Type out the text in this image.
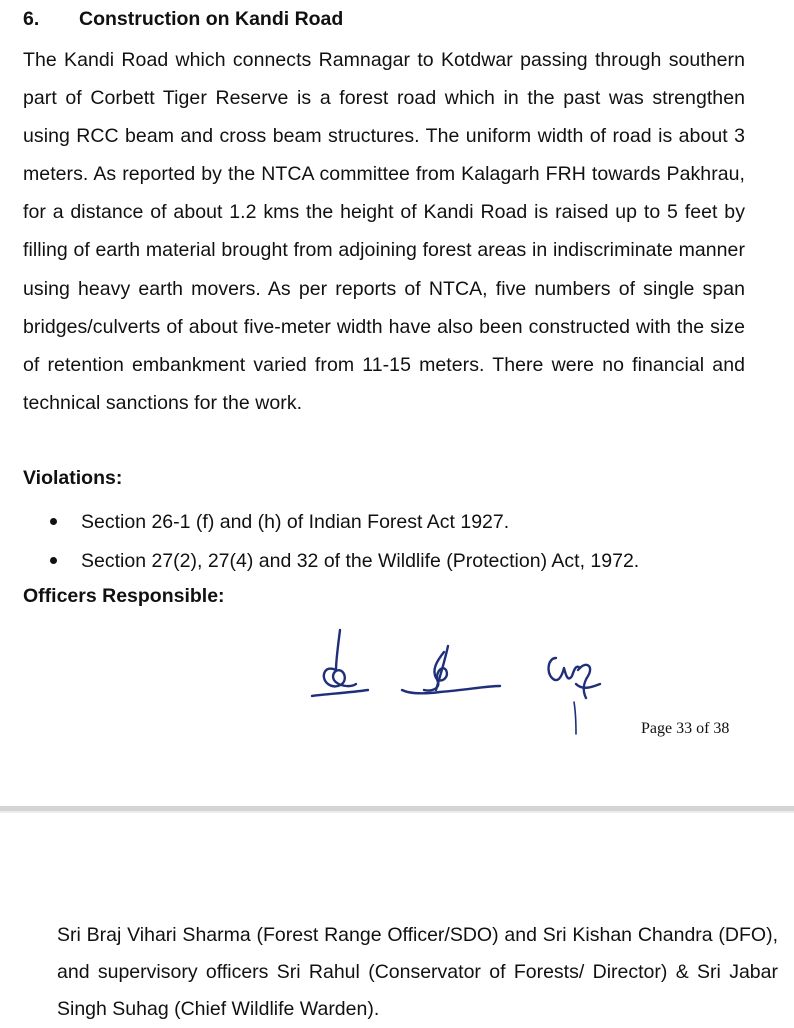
6. Construction on Kandi Road

The Kandi Road which connects Ramnagar to Kotdwar passing through southern part of Corbett Tiger Reserve is a forest road which in the past was strengthen using RCC beam and cross beam structures. The uniform width of road is about 3 meters. As reported by the NTCA committee from Kalagarh FRH towards Pakhrau, for a distance of about 1.2 kms the height of Kandi Road is raised up to 5 feet by filling of earth material brought from adjoining forest areas in indiscriminate manner using heavy earth movers. As per reports of NTCA, five numbers of single span bridges/culverts of about five-meter width have also been constructed with the size of retention embankment varied from 11-15 meters. There were no financial and technical sanctions for the work.

Violations:
Section 26-1 (f) and (h) of Indian Forest Act 1927.
Section 27(2), 27(4) and 32 of the Wildlife (Protection) Act, 1972.
Officers Responsible:

Page 33 of 38

Sri Braj Vihari Sharma (Forest Range Officer/SDO) and Sri Kishan Chandra (DFO), and supervisory officers Sri Rahul (Conservator of Forests/ Director) & Sri Jabar Singh Suhag (Chief Wildlife Warden).
